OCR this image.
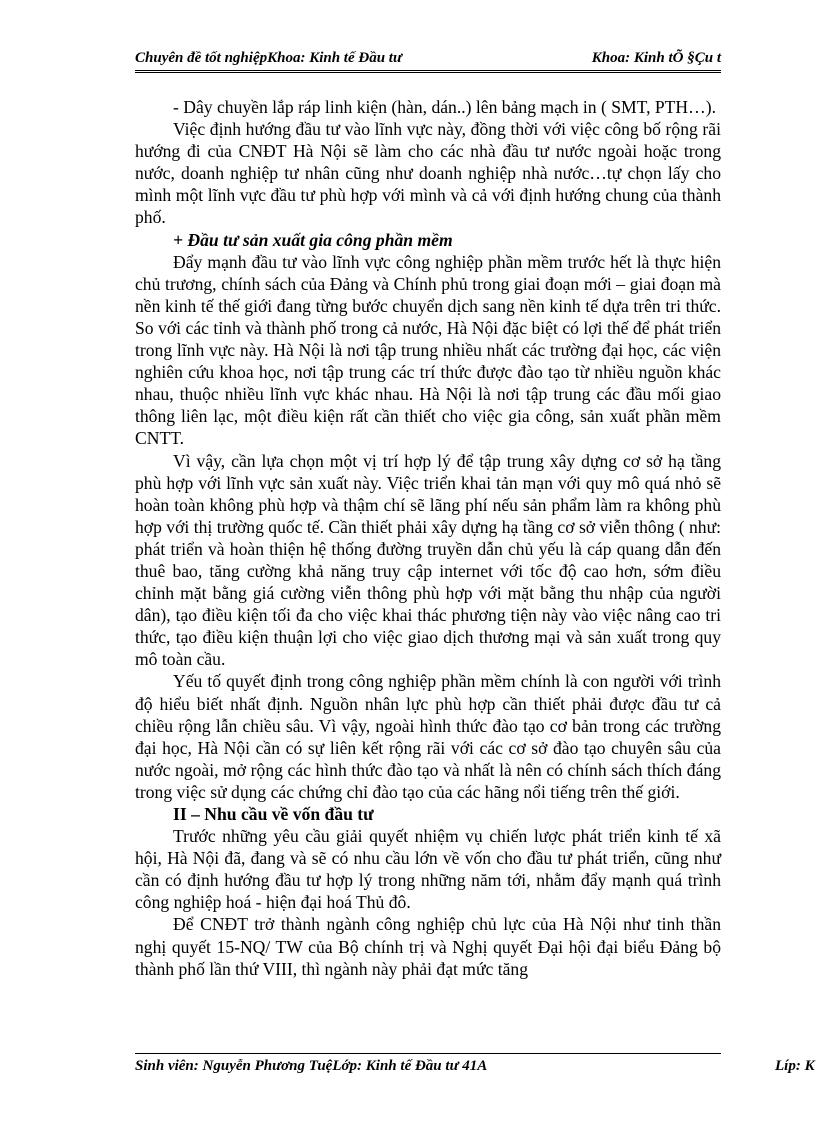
Chuyên đề tốt nghiệpKhoa: Kinh tế Đầu tư	Khoa: Kinh tÕ §Çu t

- Dây chuyền lắp ráp linh kiện (hàn, dán..) lên bảng mạch in ( SMT, PTH…).

Việc định hướng đầu tư vào lĩnh vực này, đồng thời với việc công bố rộng rãi hướng đi của CNĐT Hà Nội sẽ làm cho các nhà đầu tư nước ngoài hoặc trong nước, doanh nghiệp tư nhân cũng như doanh nghiệp nhà nước…tự chọn lấy cho mình một lĩnh vực đầu tư phù hợp với mình và cả với định hướng chung của thành phố.

+ Đầu tư sản xuất gia công phần mềm

Đẩy mạnh đầu tư vào lĩnh vực công nghiệp phần mềm trước hết là thực hiện chủ trương, chính sách của Đảng và Chính phủ trong giai đoạn mới – giai đoạn mà nền kinh tế thế giới đang từng bước chuyển dịch sang nền kinh tế dựa trên tri thức. So với các tỉnh và thành phố trong cả nước, Hà Nội đặc biệt có lợi thế để phát triển trong lĩnh vực này. Hà Nội là nơi tập trung nhiều nhất các trường đại học, các viện nghiên cứu khoa học, nơi tập trung các trí thức được đào tạo từ nhiều nguồn khác nhau, thuộc nhiều lĩnh vực khác nhau. Hà Nội là nơi tập trung các đầu mối giao thông liên lạc, một điều kiện rất cần thiết cho việc gia công, sản xuất phần mềm CNTT.

Vì vậy, cần lựa chọn một vị trí hợp lý để tập trung xây dựng cơ sở hạ tầng phù hợp với lĩnh vực sản xuất này. Việc triển khai tản mạn với quy mô quá nhỏ sẽ hoàn toàn không phù hợp và thậm chí sẽ lãng phí nếu sản phẩm làm ra không phù hợp với thị trường quốc tế. Cần thiết phải xây dựng hạ tầng cơ sở viễn thông ( như: phát triển và hoàn thiện hệ thống đường truyền dẫn chủ yếu là cáp quang dẫn đến thuê bao, tăng cường khả năng truy cập internet với tốc độ cao hơn, sớm điều chỉnh mặt bằng giá cường viễn thông phù hợp với mặt bằng thu nhập của người dân), tạo điều kiện tối đa cho việc khai thác phương tiện này vào việc nâng cao tri thức, tạo điều kiện thuận lợi cho việc giao dịch thương mại và sản xuất trong quy mô toàn cầu.

Yếu tố quyết định trong công nghiệp phần mềm chính là con người với trình độ hiểu biết nhất định. Nguồn nhân lực phù hợp cần thiết phải được đầu tư cả chiều rộng lẫn chiều sâu. Vì vậy, ngoài hình thức đào tạo cơ bản trong các trường đại học, Hà Nội cần có sự liên kết rộng rãi với các cơ sở đào tạo chuyên sâu của nước ngoài, mở rộng các hình thức đào tạo và nhất là nên có chính sách thích đáng trong việc sử dụng các chứng chỉ đào tạo của các hãng nổi tiếng trên thế giới.

II – Nhu cầu về vốn đầu tư

Trước những yêu cầu giải quyết nhiệm vụ chiến lược phát triển kinh tế xã hội, Hà Nội đã, đang và sẽ có nhu cầu lớn về vốn cho đầu tư phát triển, cũng như cần có định hướng đầu tư hợp lý trong những năm tới, nhằm đẩy mạnh quá trình công nghiệp hoá - hiện đại hoá Thủ đô.

Để CNĐT trở thành ngành công nghiệp chủ lực của Hà Nội như tinh thần nghị quyết 15-NQ/ TW của Bộ chính trị và Nghị quyết Đại hội đại biểu Đảng bộ thành phố lần thứ VIII, thì ngành này phải đạt mức tăng

Sinh viên: Nguyễn Phương TuệLớp: Kinh tế Đầu tư 41A	Líp: K
